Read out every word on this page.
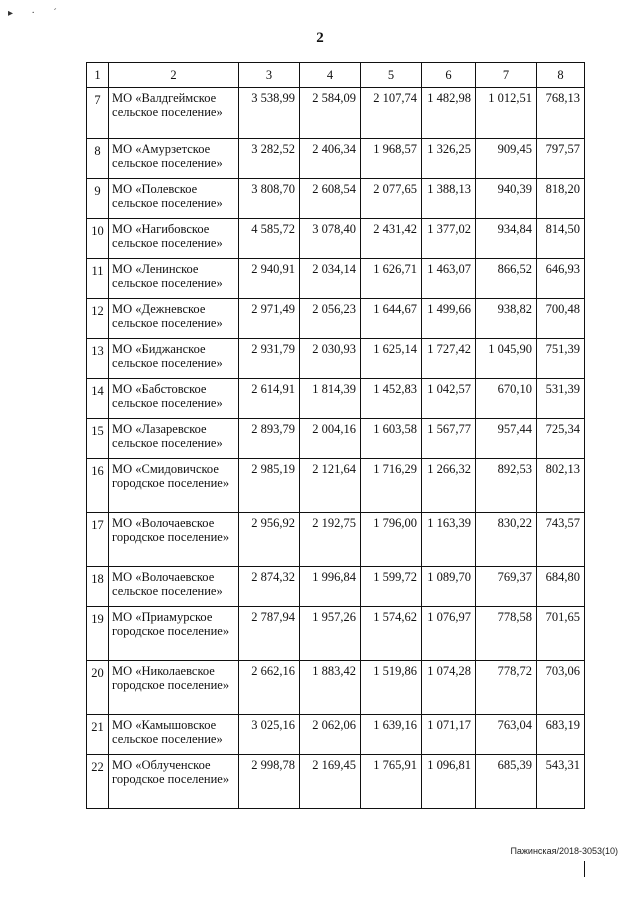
▸ · ˊ
2
1	2	3	4	5	6	7	8
7	МО «Валдгеймское сельское поселение»	3 538,99	2 584,09	2 107,74	1 482,98	1 012,51	768,13
8	МО «Амурзетское сельское поселение»	3 282,52	2 406,34	1 968,57	1 326,25	909,45	797,57
9	МО «Полевское сельское поселение»	3 808,70	2 608,54	2 077,65	1 388,13	940,39	818,20
10	МО «Нагибовское сельское поселение»	4 585,72	3 078,40	2 431,42	1 377,02	934,84	814,50
11	МО «Ленинское сельское поселение»	2 940,91	2 034,14	1 626,71	1 463,07	866,52	646,93
12	МО «Дежневское сельское поселение»	2 971,49	2 056,23	1 644,67	1 499,66	938,82	700,48
13	МО «Биджанское сельское поселение»	2 931,79	2 030,93	1 625,14	1 727,42	1 045,90	751,39
14	МО «Бабстовское сельское поселение»	2 614,91	1 814,39	1 452,83	1 042,57	670,10	531,39
15	МО «Лазаревское сельское поселение»	2 893,79	2 004,16	1 603,58	1 567,77	957,44	725,34
16	МО «Смидовичское городское поселение»	2 985,19	2 121,64	1 716,29	1 266,32	892,53	802,13
17	МО «Волочаевское городское поселение»	2 956,92	2 192,75	1 796,00	1 163,39	830,22	743,57
18	МО «Волочаевское сельское поселение»	2 874,32	1 996,84	1 599,72	1 089,70	769,37	684,80
19	МО «Приамурское городское поселение»	2 787,94	1 957,26	1 574,62	1 076,97	778,58	701,65
20	МО «Николаевское городское поселение»	2 662,16	1 883,42	1 519,86	1 074,28	778,72	703,06
21	МО «Камышовское сельское поселение»	3 025,16	2 062,06	1 639,16	1 071,17	763,04	683,19
22	МО «Облученское городское поселение»	2 998,78	2 169,45	1 765,91	1 096,81	685,39	543,31
Пажинская/2018-3053(10)
